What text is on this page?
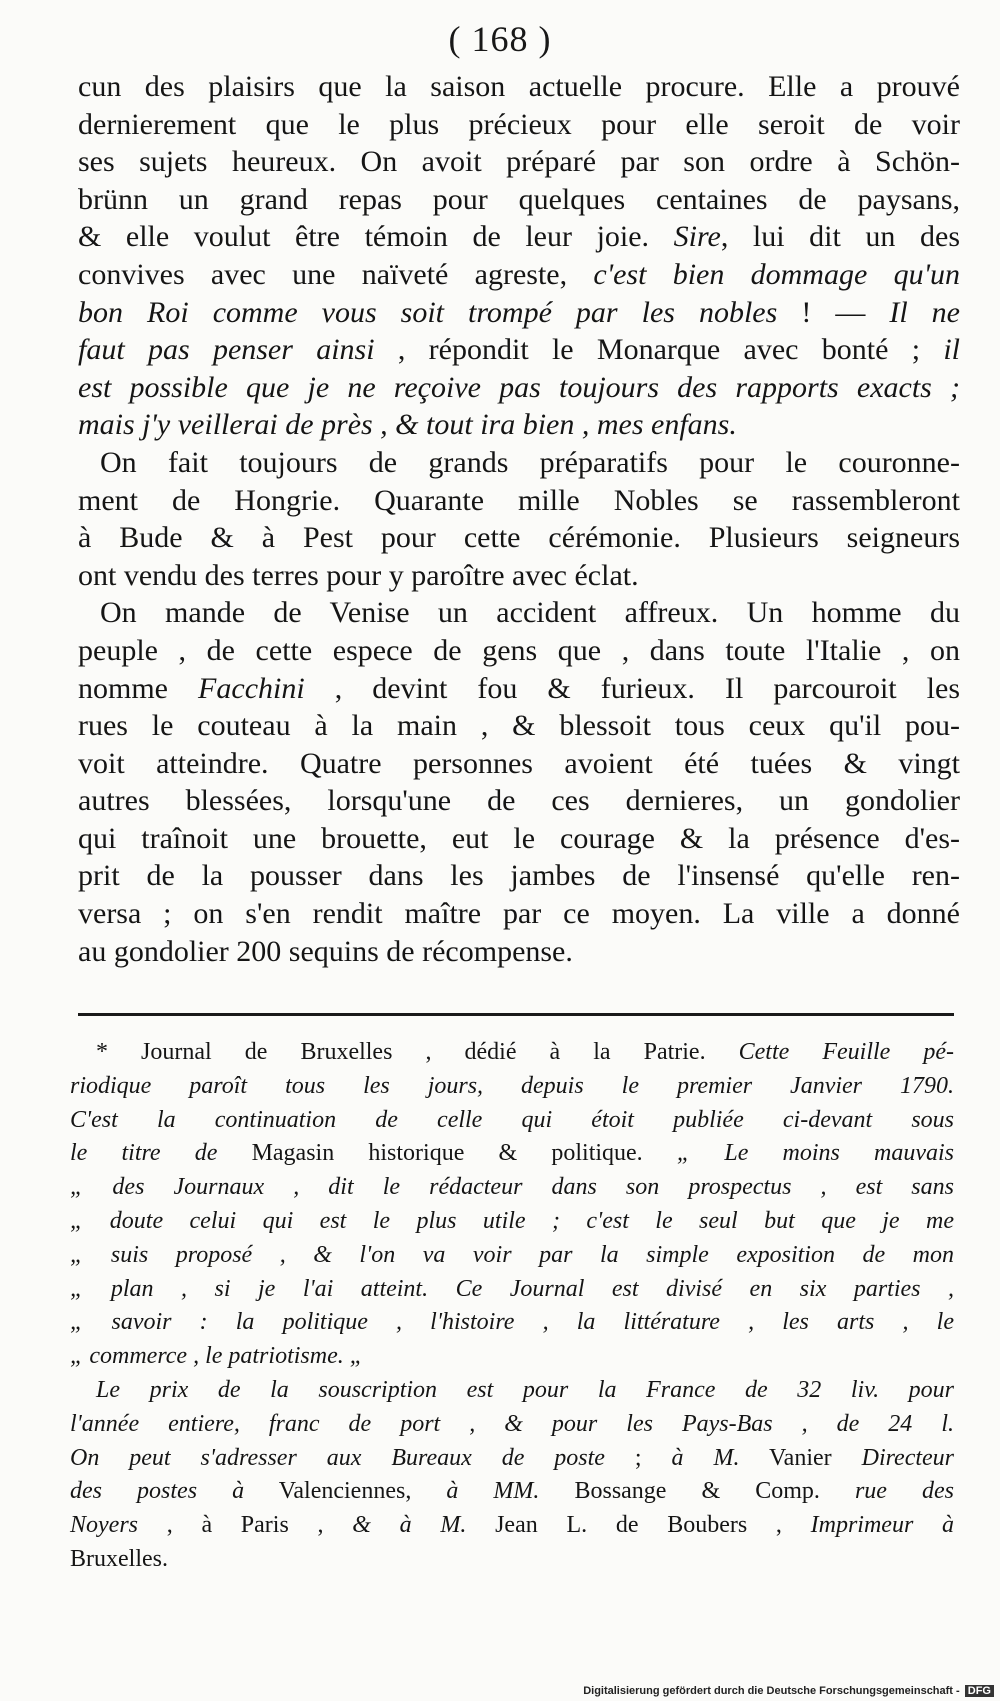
( 168 )
cun des plaisirs que la saison actuelle procure. Elle a prouvé
dernierement que le plus précieux pour elle seroit de voir
ses sujets heureux. On avoit préparé par son ordre à Schön-
brünn un grand repas pour quelques centaines de paysans,
& elle voulut être témoin de leur joie. Sire, lui dit un des
convives avec une naïveté agreste, c'est bien dommage qu'un
bon Roi comme vous soit trompé par les nobles ! — Il ne
faut pas penser ainsi , répondit le Monarque avec bonté ; il
est possible que je ne reçoive pas toujours des rapports exacts ;
mais j'y veillerai de près , & tout ira bien , mes enfans.
On fait toujours de grands préparatifs pour le couronne-
ment de Hongrie. Quarante mille Nobles se rassembleront
à Bude & à Pest pour cette cérémonie. Plusieurs seigneurs
ont vendu des terres pour y paroître avec éclat.
On mande de Venise un accident affreux. Un homme du
peuple , de cette espece de gens que , dans toute l'Italie , on
nomme Facchini , devint fou & furieux. Il parcouroit les
rues le couteau à la main , & blessoit tous ceux qu'il pou-
voit atteindre. Quatre personnes avoient été tuées & vingt
autres blessées, lorsqu'une de ces dernieres, un gondolier
qui traînoit une brouette, eut le courage & la présence d'es-
prit de la pousser dans les jambes de l'insensé qu'elle ren-
versa ; on s'en rendit maître par ce moyen. La ville a donné
au gondolier 200 sequins de récompense.
* Journal de Bruxelles , dédié à la Patrie. Cette Feuille pé-
riodique paroît tous les jours, depuis le premier Janvier 1790.
C'est la continuation de celle qui étoit publiée ci-devant sous
le titre de Magasin historique & politique. „ Le moins mauvais
„ des Journaux , dit le rédacteur dans son prospectus , est sans
„ doute celui qui est le plus utile ; c'est le seul but que je me
„ suis proposé , & l'on va voir par la simple exposition de mon
„ plan , si je l'ai atteint. Ce Journal est divisé en six parties ,
„ savoir : la politique , l'histoire , la littérature , les arts , le
„ commerce , le patriotisme. „
Le prix de la souscription est pour la France de 32 liv. pour
l'année entiere, franc de port , & pour les Pays-Bas , de 24 l.
On peut s'adresser aux Bureaux de poste ; à M. Vanier Directeur
des postes à Valenciennes, à MM. Bossange & Comp. rue des
Noyers , à Paris , & à M. Jean L. de Boubers , Imprimeur à
Bruxelles.
Digitalisierung gefördert durch die Deutsche Forschungsgemeinschaft - DFG
